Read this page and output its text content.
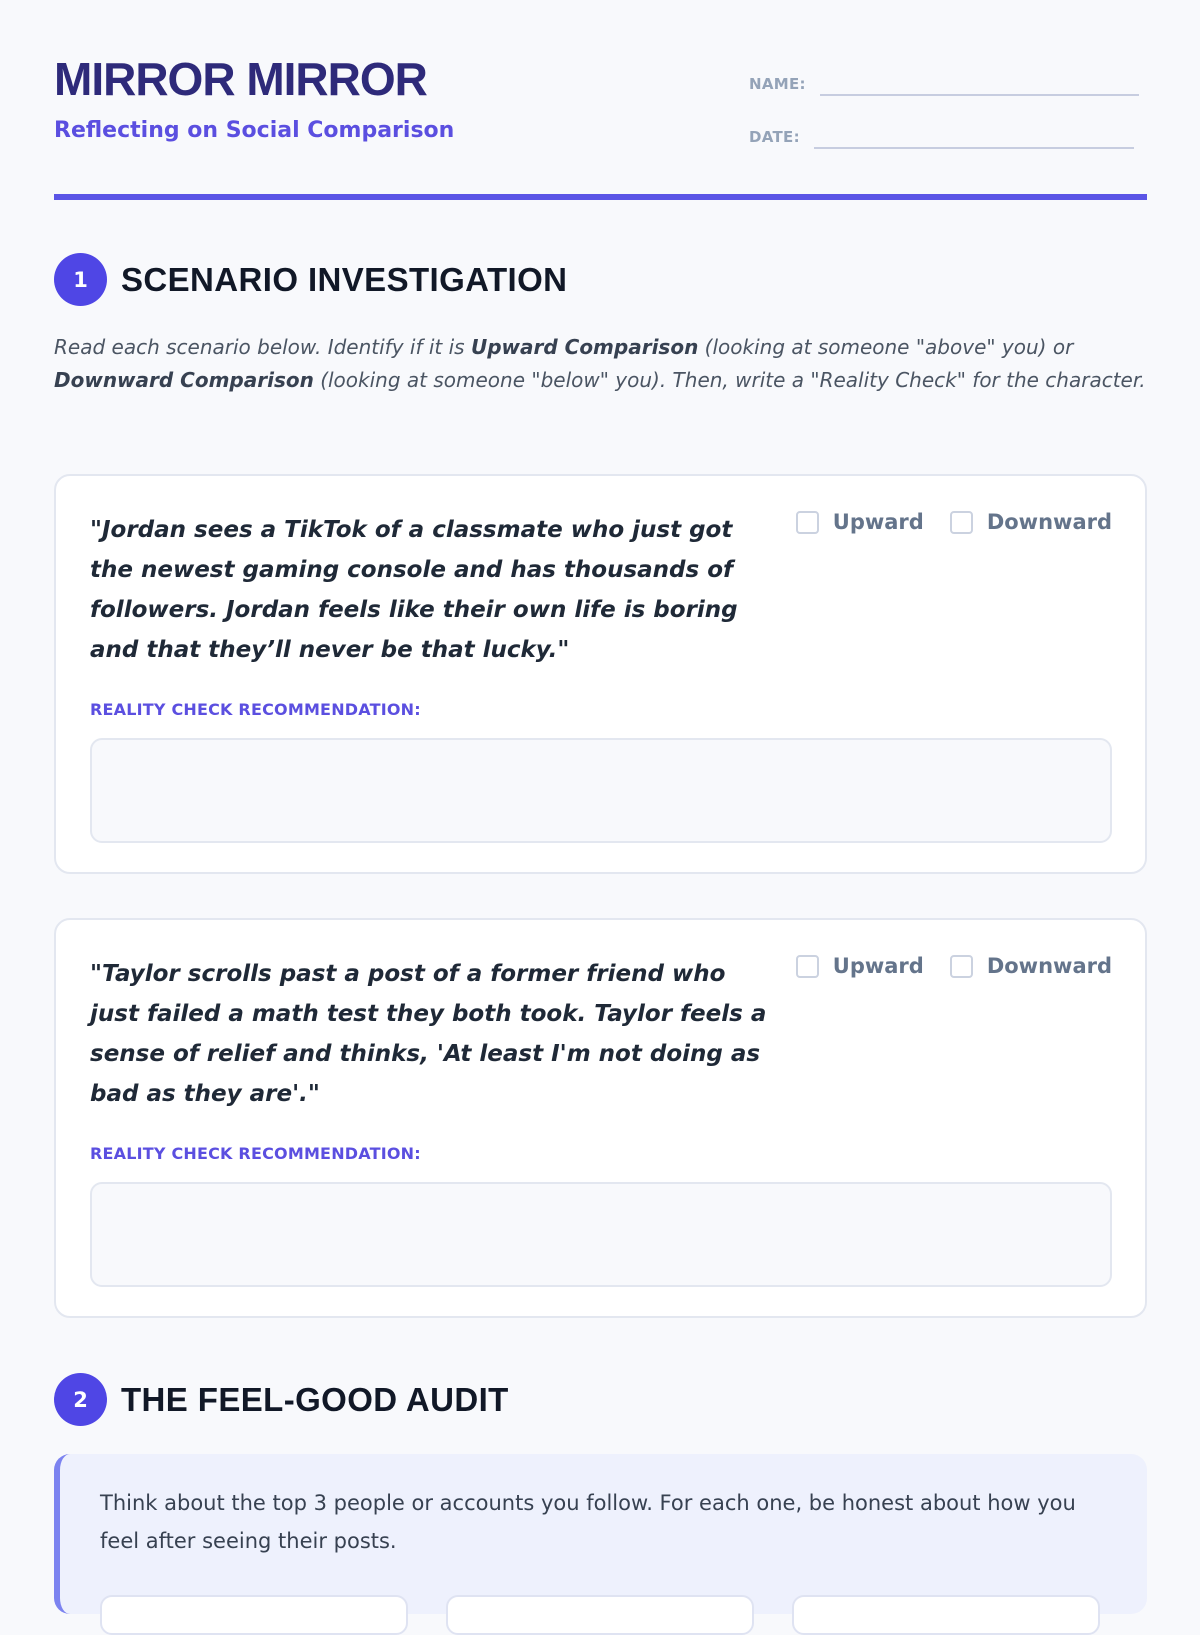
MIRROR MIRROR
Reflecting on Social Comparison
NAME:
DATE:
1	SCENARIO INVESTIGATION

Read each scenario below. Identify if it is Upward Comparison (looking at someone "above" you) or Downward Comparison (looking at someone "below" you). Then, write a "Reality Check" for the character.

"Jordan sees a TikTok of a classmate who just got the newest gaming console and has thousands of followers. Jordan feels like their own life is boring and that they’ll never be that lucky."

Upward	Downward
REALITY CHECK RECOMMENDATION:

"Taylor scrolls past a post of a former friend who just failed a math test they both took. Taylor feels a sense of relief and thinks, 'At least I'm not doing as bad as they are'."

Upward	Downward
REALITY CHECK RECOMMENDATION:
2	THE FEEL-GOOD AUDIT

Think about the top 3 people or accounts you follow. For each one, be honest about how you feel after seeing their posts.
